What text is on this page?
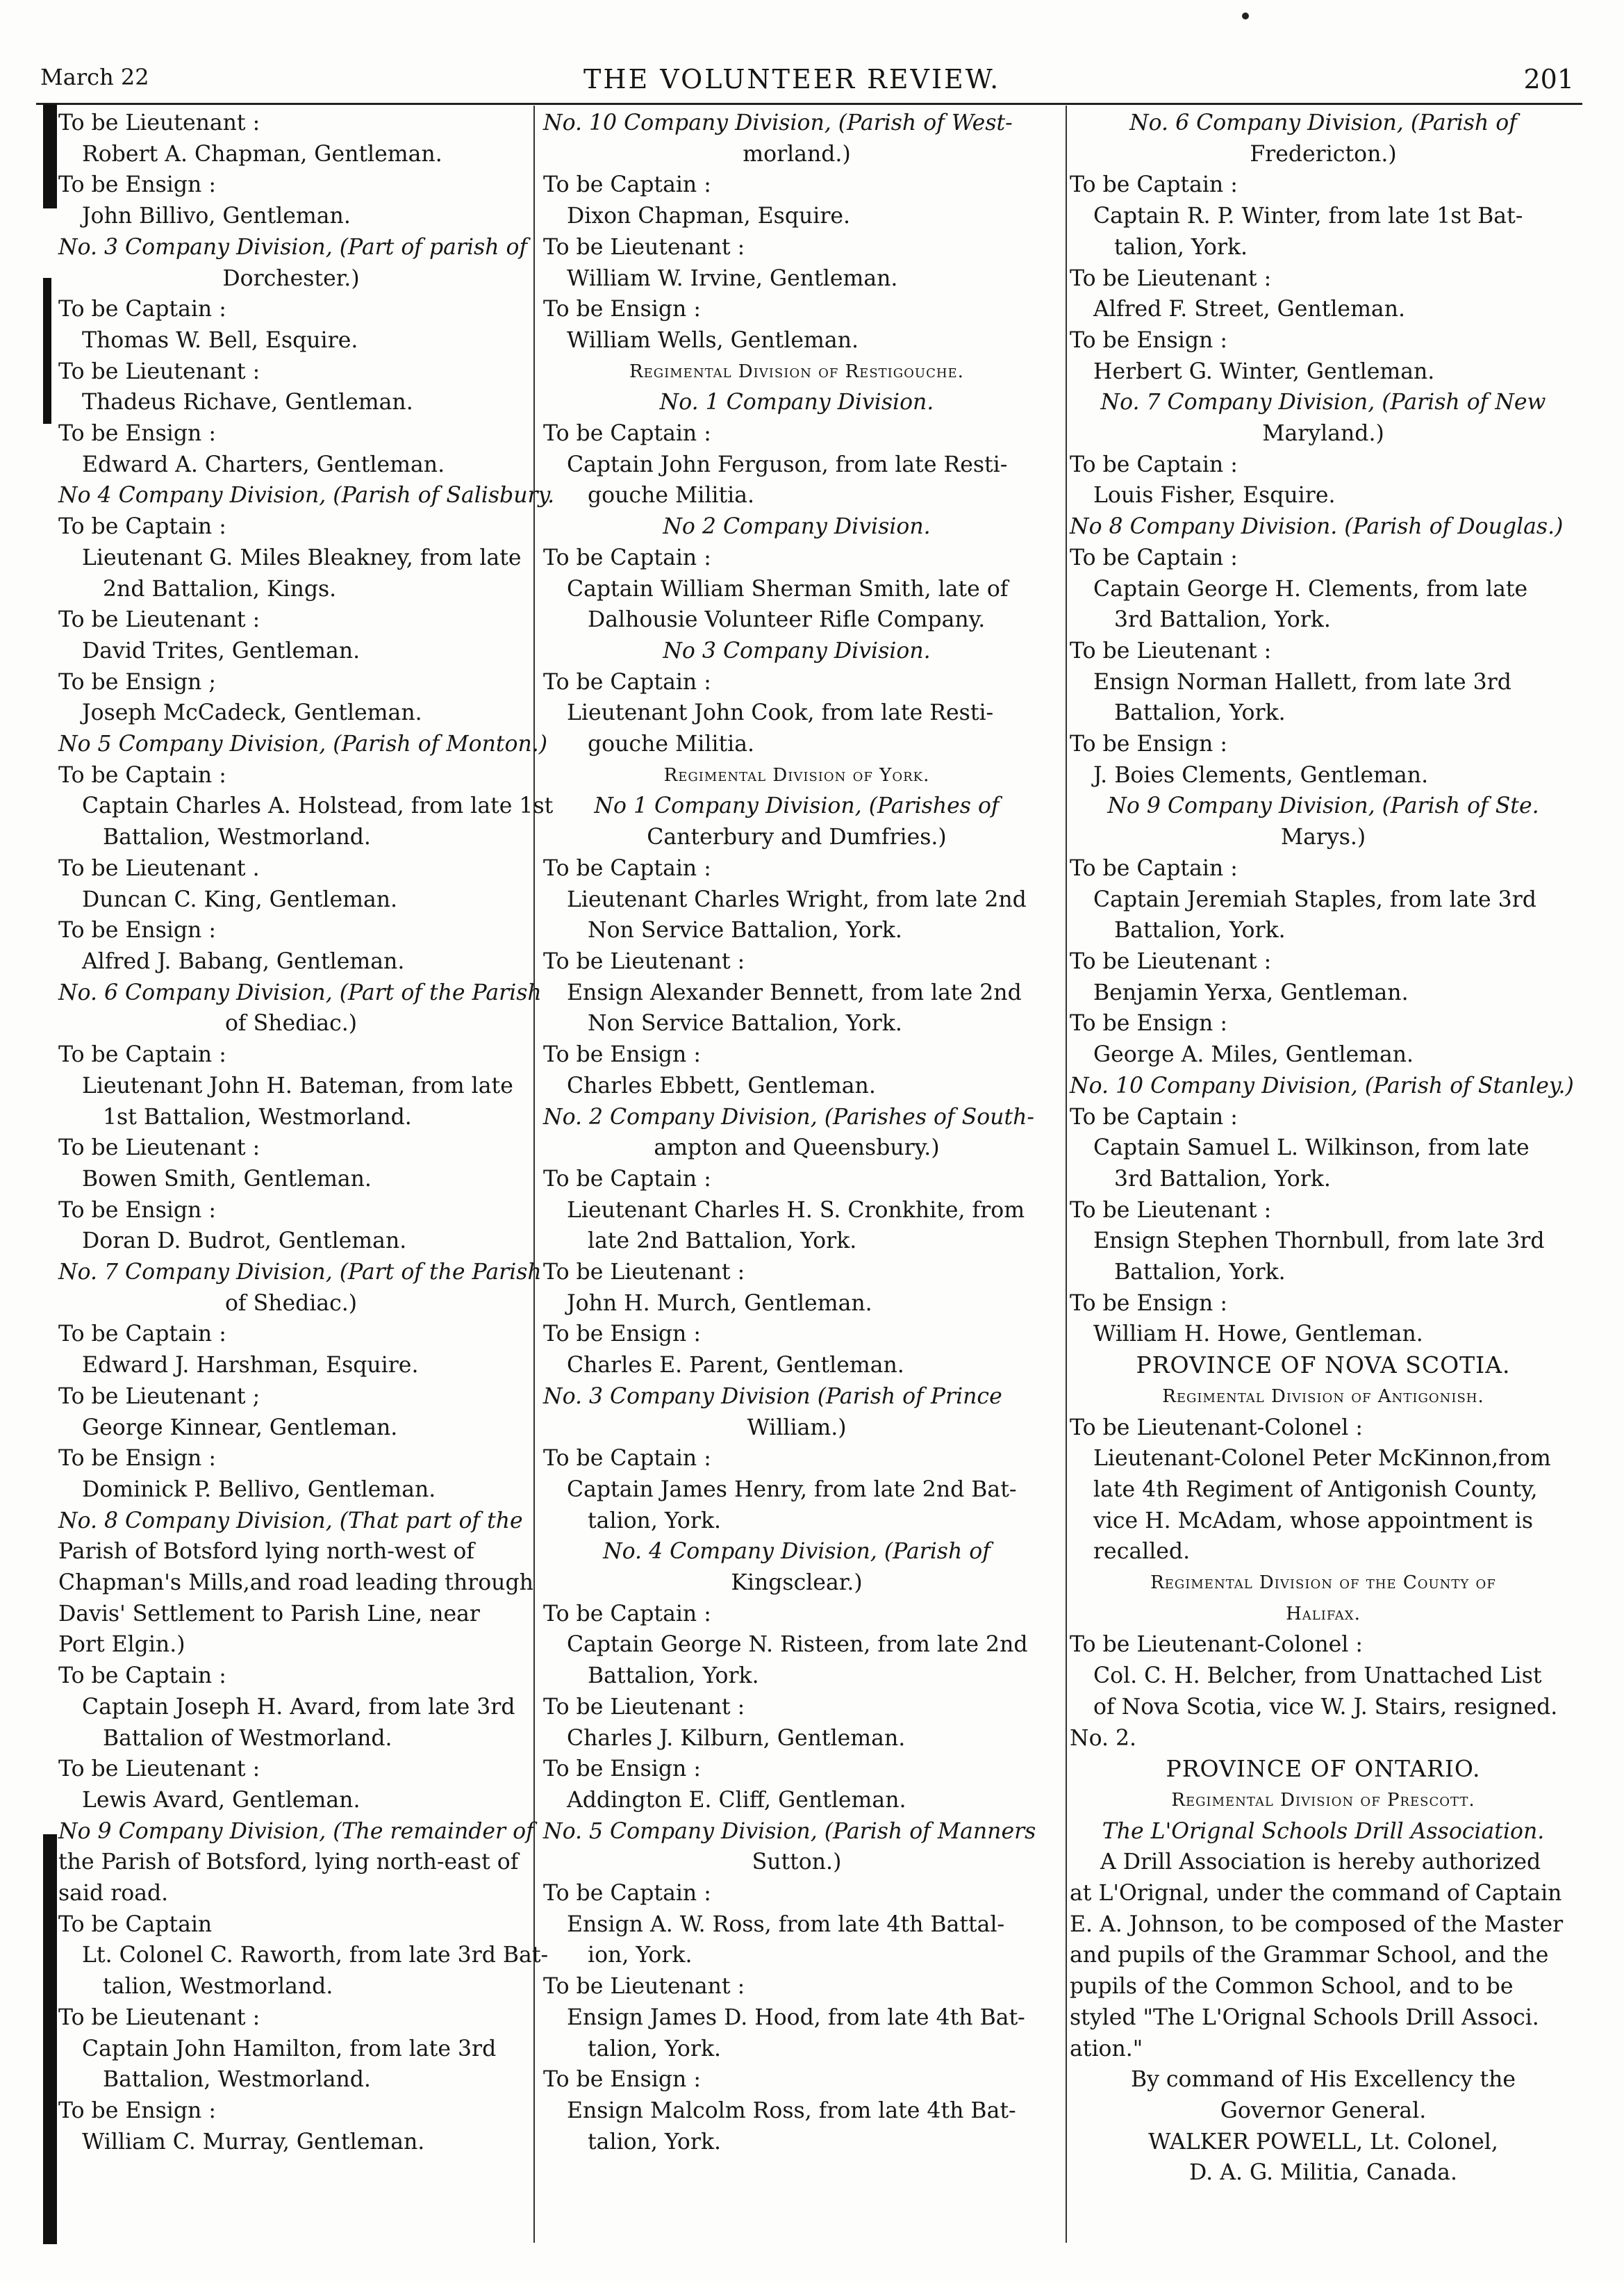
March 22	THE VOLUNTEER REVIEW.	201
To be Lieutenant :
Robert A. Chapman, Gentleman.
To be Ensign :
John Billivo, Gentleman.
No. 3 Company Division, (Part of parish of
Dorchester.)
To be Captain :
Thomas W. Bell, Esquire.
To be Lieutenant :
Thadeus Richave, Gentleman.
To be Ensign :
Edward A. Charters, Gentleman.
No 4 Company Division, (Parish of Salisbury.
To be Captain :
Lieutenant G. Miles Bleakney, from late
2nd Battalion, Kings.
To be Lieutenant :
David Trites, Gentleman.
To be Ensign ;
Joseph McCadeck, Gentleman.
No 5 Company Division, (Parish of Monton.)
To be Captain :
Captain Charles A. Holstead, from late 1st
Battalion, Westmorland.
To be Lieutenant .
Duncan C. King, Gentleman.
To be Ensign :
Alfred J. Babang, Gentleman.
No. 6 Company Division, (Part of the Parish
of Shediac.)
To be Captain :
Lieutenant John H. Bateman, from late
1st Battalion, Westmorland.
To be Lieutenant :
Bowen Smith, Gentleman.
To be Ensign :
Doran D. Budrot, Gentleman.
No. 7 Company Division, (Part of the Parish
of Shediac.)
To be Captain :
Edward J. Harshman, Esquire.
To be Lieutenant ;
George Kinnear, Gentleman.
To be Ensign :
Dominick P. Bellivo, Gentleman.
No. 8 Company Division, (That part of the
Parish of Botsford lying north-west of
Chapman's Mills,and road leading through
Davis' Settlement to Parish Line, near
Port Elgin.)
To be Captain :
Captain Joseph H. Avard, from late 3rd
Battalion of Westmorland.
To be Lieutenant :
Lewis Avard, Gentleman.
No 9 Company Division, (The remainder of
the Parish of Botsford, lying north-east of
said road.
To be Captain
Lt. Colonel C. Raworth, from late 3rd Bat-
talion, Westmorland.
To be Lieutenant :
Captain John Hamilton, from late 3rd
Battalion, Westmorland.
To be Ensign :
William C. Murray, Gentleman.
No. 10 Company Division, (Parish of West-
morland.)
To be Captain :
Dixon Chapman, Esquire.
To be Lieutenant :
William W. Irvine, Gentleman.
To be Ensign :
William Wells, Gentleman.
Regimental Division of Restigouche.
No. 1 Company Division.
To be Captain :
Captain John Ferguson, from late Resti-
gouche Militia.
No 2 Company Division.
To be Captain :
Captain William Sherman Smith, late of
Dalhousie Volunteer Rifle Company.
No 3 Company Division.
To be Captain :
Lieutenant John Cook, from late Resti-
gouche Militia.
Regimental Division of York.
No 1 Company Division, (Parishes of
Canterbury and Dumfries.)
To be Captain :
Lieutenant Charles Wright, from late 2nd
Non Service Battalion, York.
To be Lieutenant :
Ensign Alexander Bennett, from late 2nd
Non Service Battalion, York.
To be Ensign :
Charles Ebbett, Gentleman.
No. 2 Company Division, (Parishes of South-
ampton and Queensbury.)
To be Captain :
Lieutenant Charles H. S. Cronkhite, from
late 2nd Battalion, York.
To be Lieutenant :
John H. Murch, Gentleman.
To be Ensign :
Charles E. Parent, Gentleman.
No. 3 Company Division (Parish of Prince
William.)
To be Captain :
Captain James Henry, from late 2nd Bat-
talion, York.
No. 4 Company Division, (Parish of
Kingsclear.)
To be Captain :
Captain George N. Risteen, from late 2nd
Battalion, York.
To be Lieutenant :
Charles J. Kilburn, Gentleman.
To be Ensign :
Addington E. Cliff, Gentleman.
No. 5 Company Division, (Parish of Manners
Sutton.)
To be Captain :
Ensign A. W. Ross, from late 4th Battal-
ion, York.
To be Lieutenant :
Ensign James D. Hood, from late 4th Bat-
talion, York.
To be Ensign :
Ensign Malcolm Ross, from late 4th Bat-
talion, York.
No. 6 Company Division, (Parish of
Fredericton.)
To be Captain :
Captain R. P. Winter, from late 1st Bat-
talion, York.
To be Lieutenant :
Alfred F. Street, Gentleman.
To be Ensign :
Herbert G. Winter, Gentleman.
No. 7 Company Division, (Parish of New
Maryland.)
To be Captain :
Louis Fisher, Esquire.
No 8 Company Division. (Parish of Douglas.)
To be Captain :
Captain George H. Clements, from late
3rd Battalion, York.
To be Lieutenant :
Ensign Norman Hallett, from late 3rd
Battalion, York.
To be Ensign :
J. Boies Clements, Gentleman.
No 9 Company Division, (Parish of Ste.
Marys.)
To be Captain :
Captain Jeremiah Staples, from late 3rd
Battalion, York.
To be Lieutenant :
Benjamin Yerxa, Gentleman.
To be Ensign :
George A. Miles, Gentleman.
No. 10 Company Division, (Parish of Stanley.)
To be Captain :
Captain Samuel L. Wilkinson, from late
3rd Battalion, York.
To be Lieutenant :
Ensign Stephen Thornbull, from late 3rd
Battalion, York.
To be Ensign :
William H. Howe, Gentleman.
PROVINCE OF NOVA SCOTIA.
Regimental Division of Antigonish.
To be Lieutenant-Colonel :
Lieutenant-Colonel Peter McKinnon,from
late 4th Regiment of Antigonish County,
vice H. McAdam, whose appointment is
recalled.
Regimental Division of the County of
Halifax.
To be Lieutenant-Colonel :
Col. C. H. Belcher, from Unattached List
of Nova Scotia, vice W. J. Stairs, resigned.
No. 2.
PROVINCE OF ONTARIO.
Regimental Division of Prescott.
The L'Orignal Schools Drill Association.
A Drill Association is hereby authorized
at L'Orignal, under the command of Captain
E. A. Johnson, to be composed of the Master
and pupils of the Grammar School, and the
pupils of the Common School, and to be
styled "The L'Orignal Schools Drill Associ.
ation."
By command of His Excellency the
Governor General.
WALKER POWELL, Lt. Colonel,
D. A. G. Militia, Canada.
